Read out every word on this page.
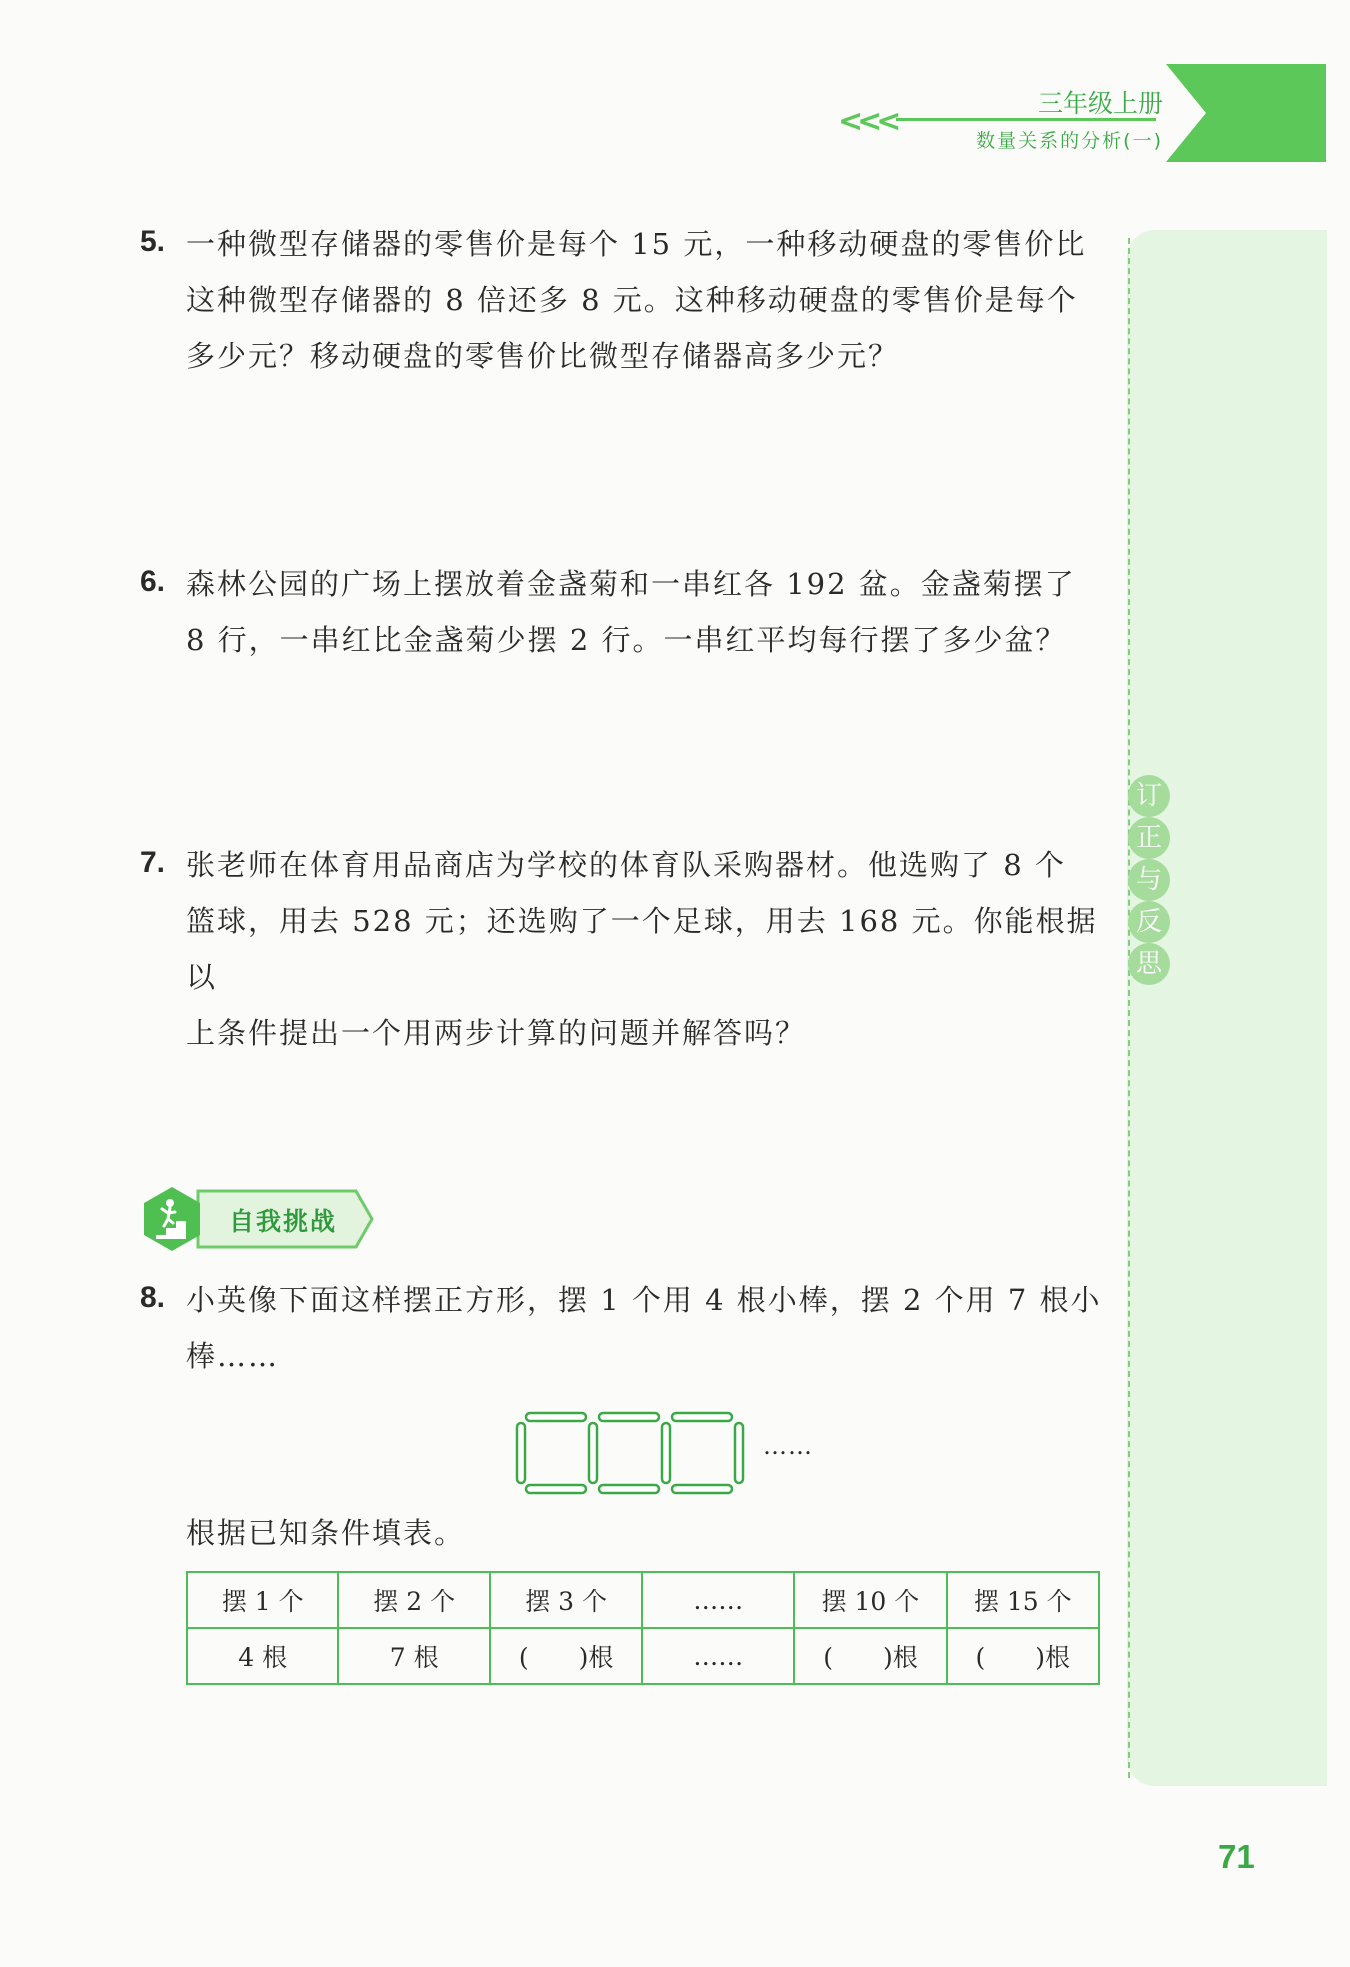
<<<
三年级上册
数量关系的分析(一)
订
正
与
反
思
5. 一种微型存储器的零售价是每个 15 元，一种移动硬盘的零售价比
这种微型存储器的 8 倍还多 8 元。这种移动硬盘的零售价是每个
多少元？移动硬盘的零售价比微型存储器高多少元？
6. 森林公园的广场上摆放着金盏菊和一串红各 192 盆。金盏菊摆了
8 行，一串红比金盏菊少摆 2 行。一串红平均每行摆了多少盆？
7. 张老师在体育用品商店为学校的体育队采购器材。他选购了 8 个
篮球，用去 528 元；还选购了一个足球，用去 168 元。你能根据以
上条件提出一个用两步计算的问题并解答吗？
自我挑战
8. 小英像下面这样摆正方形，摆 1 个用 4 根小棒，摆 2 个用 7 根小
棒……
……
根据已知条件填表。
摆 1 个	摆 2 个	摆 3 个	……	摆 10 个	摆 15 个
4 根	7 根	(　　)根	……	(　　)根	(　　)根
71
